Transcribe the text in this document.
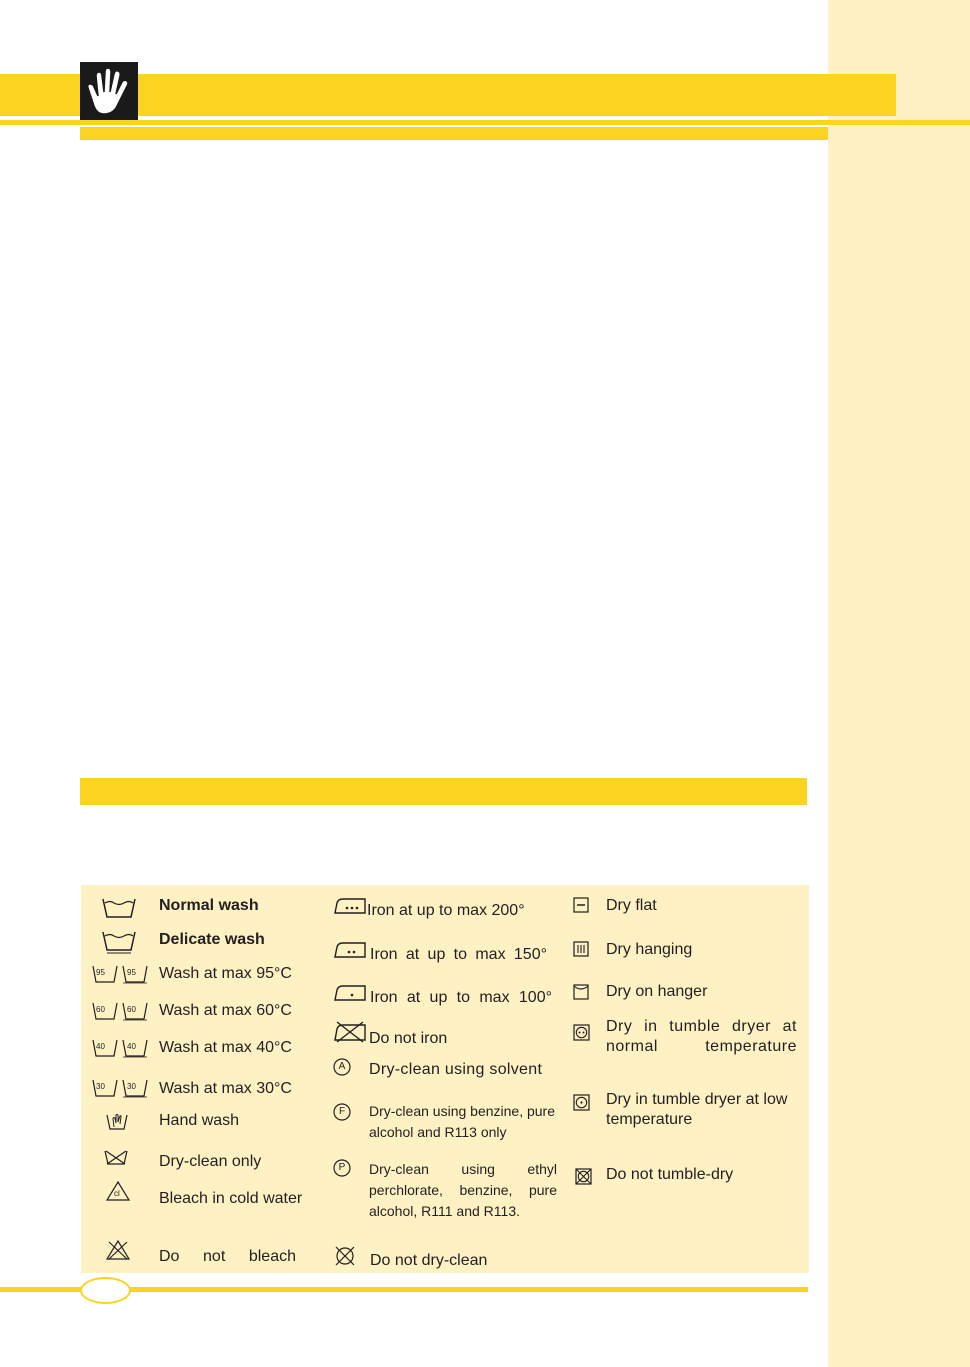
Normal wash
Delicate wash
95	95 Wash at max 95°C
60	60 Wash at max 60°C
40	40 Wash at max 40°C
30	30 Wash at max 30°C
Hand wash
Dry-clean only
cl Bleach in cold water
Do not bleach
Iron at up to max 200°
Iron at up to max 150°
Iron at up to max 100°
Do not iron
A Dry-clean using solvent
F Dry-clean using benzine, pure alcohol and R113 only
P Dry-clean using ethyl perchlorate, benzine, pure alcohol, R111 and R113.
Do not dry-clean
Dry flat
Dry hanging
Dry on hanger
Dry in tumble dryer at normal temperature
Dry in tumble dryer at low temperature
Do not tumble-dry
